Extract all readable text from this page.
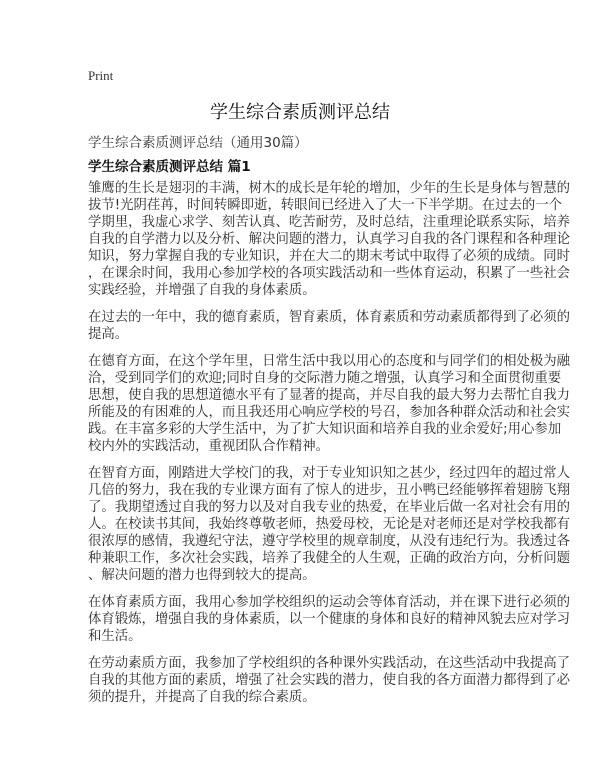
Print
学生综合素质测评总结
学生综合素质测评总结（通用30篇）
学生综合素质测评总结 篇1
雏鹰的生长是翅羽的丰满，树木的成长是年轮的增加，少年的生长是身体与智慧的
拔节!光阴荏苒，时间转瞬即逝，转眼间已经进入了大一下半学期。在过去的一个
学期里，我虚心求学、刻苦认真、吃苦耐劳，及时总结，注重理论联系实际，培养
自我的自学潜力以及分析、解决问题的潜力，认真学习自我的各门课程和各种理论
知识，努力掌握自我的专业知识，并在大二的期末考试中取得了必须的成绩。同时
，在课余时间，我用心参加学校的各项实践活动和一些体育运动，积累了一些社会
实践经验，并增强了自我的身体素质。
在过去的一年中，我的德育素质，智育素质，体育素质和劳动素质都得到了必须的
提高。
在德育方面，在这个学年里，日常生活中我以用心的态度和与同学们的相处极为融
洽，受到同学们的欢迎;同时自身的交际潜力随之增强，认真学习和全面贯彻重要
思想，使自我的思想道德水平有了显著的提高，并尽自我的最大努力去帮忙自我力
所能及的有困难的人，而且我还用心响应学校的号召，参加各种群众活动和社会实
践。在丰富多彩的大学生活中，为了扩大知识面和培养自我的业余爱好;用心参加
校内外的实践活动，重视团队合作精神。
在智育方面，刚踏进大学校门的我，对于专业知识知之甚少，经过四年的超过常人
几倍的努力，我在我的专业课方面有了惊人的进步，丑小鸭已经能够挥着翅膀飞翔
了。我期望透过自我的努力以及对自我专业的热爱，在毕业后做一名对社会有用的
人。在校读书其间，我始终尊敬老师，热爱母校，无论是对老师还是对学校我都有
很浓厚的感情，我遵纪守法，遵守学校里的规章制度，从没有违纪行为。我透过各
种兼职工作，多次社会实践，培养了我健全的人生观，正确的政治方向，分析问题
、解决问题的潜力也得到较大的提高。
在体育素质方面，我用心参加学校组织的运动会等体育活动，并在课下进行必须的
体育锻炼，增强自我的身体素质，以一个健康的身体和良好的精神风貌去应对学习
和生活。
在劳动素质方面，我参加了学校组织的各种课外实践活动，在这些活动中我提高了
自我的其他方面的素质，增强了社会实践的潜力，使自我的各方面潜力都得到了必
须的提升，并提高了自我的综合素质。
